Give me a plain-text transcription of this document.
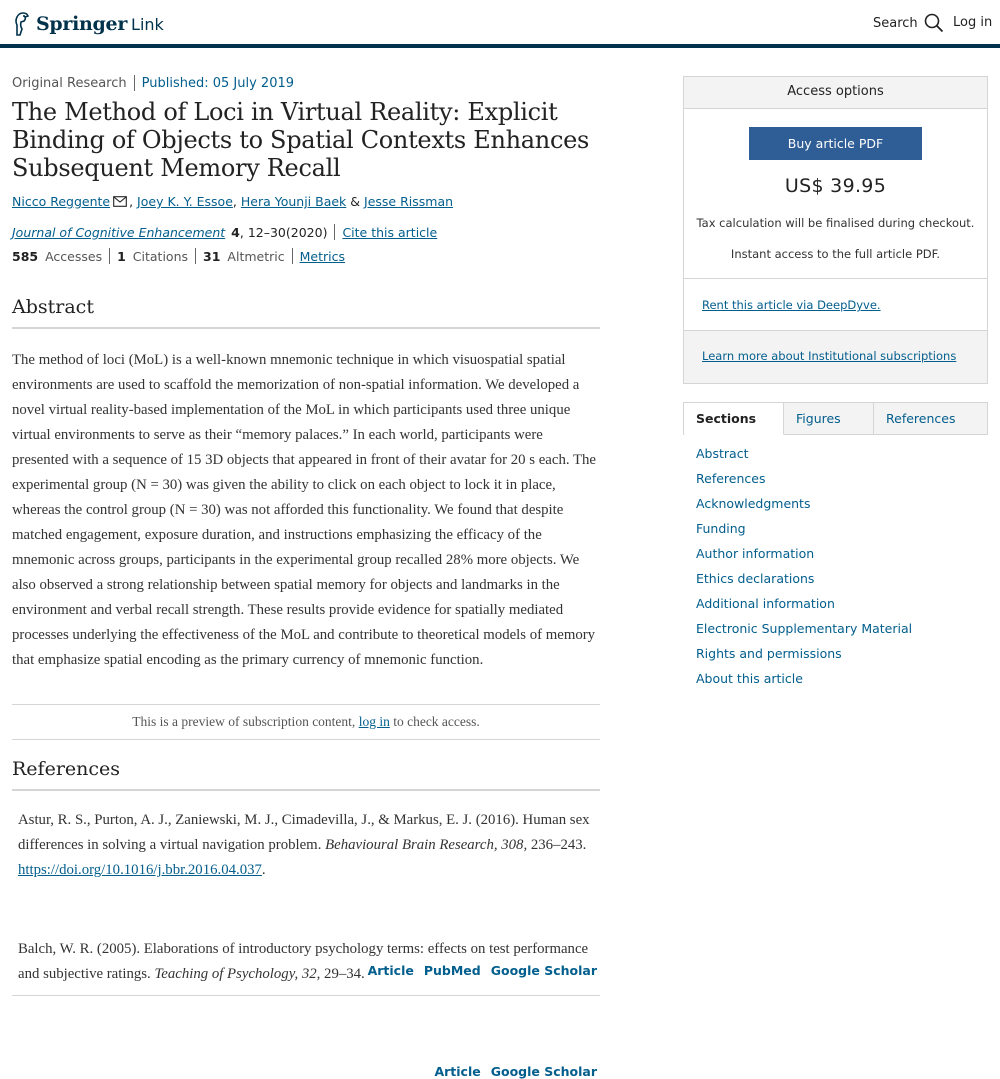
Springer Link	Search	Log in
Original Research Published: 05 July 2019
The Method of Loci in Virtual Reality: Explicit Binding of Objects to Spatial Contexts Enhances Subsequent Memory Recall
Nicco Reggente ,
Joey K. Y. Essoe ,
Hera Younji Baek
&
Jesse Rissman
Journal of Cognitive Enhancement 4 , 12–30(2020) Cite this article
585 Accesses 1 Citations 31 Altmetric Metrics
Abstract

The method of loci (MoL) is a well-known mnemonic technique in which visuospatial spatial environments are used to scaffold the memorization of non-spatial information. We developed a novel virtual reality-based implementation of the MoL in which participants used three unique virtual environments to serve as their “memory palaces.” In each world, participants were presented with a sequence of 15 3D objects that appeared in front of their avatar for 20 s each. The experimental group (N = 30) was given the ability to click on each object to lock it in place, whereas the control group (N = 30) was not afforded this functionality. We found that despite matched engagement, exposure duration, and instructions emphasizing the efficacy of the mnemonic across groups, participants in the experimental group recalled 28% more objects. We also observed a strong relationship between spatial memory for objects and landmarks in the environment and verbal recall strength. These results provide evidence for spatially mediated processes underlying the effectiveness of the MoL and contribute to theoretical models of memory that emphasize spatial encoding as the primary currency of mnemonic function.

This is a preview of subscription content, log in to check access.
References
Astur, R. S., Purton, A. J., Zaniewski, M. J., Cimadevilla, J., & Markus, E. J. (2016). Human sex differences in solving a virtual navigation problem. Behavioural Brain Research, 308, 236–243. https://doi.org/10.1016/j.bbr.2016.04.037.
Article PubMed Google Scholar
Balch, W. R. (2005). Elaborations of introductory psychology terms: effects on test performance and subjective ratings. Teaching of Psychology, 32, 29–34.
Article Google Scholar
Access options
Buy article PDF
US$ 39.95
Tax calculation will be finalised during checkout.
Instant access to the full article PDF.
Rent this article via DeepDyve.
Learn more about Institutional subscriptions
Sections	Figures	References
Abstract
References
Acknowledgments
Funding
Author information
Ethics declarations
Additional information
Electronic Supplementary Material
Rights and permissions
About this article
